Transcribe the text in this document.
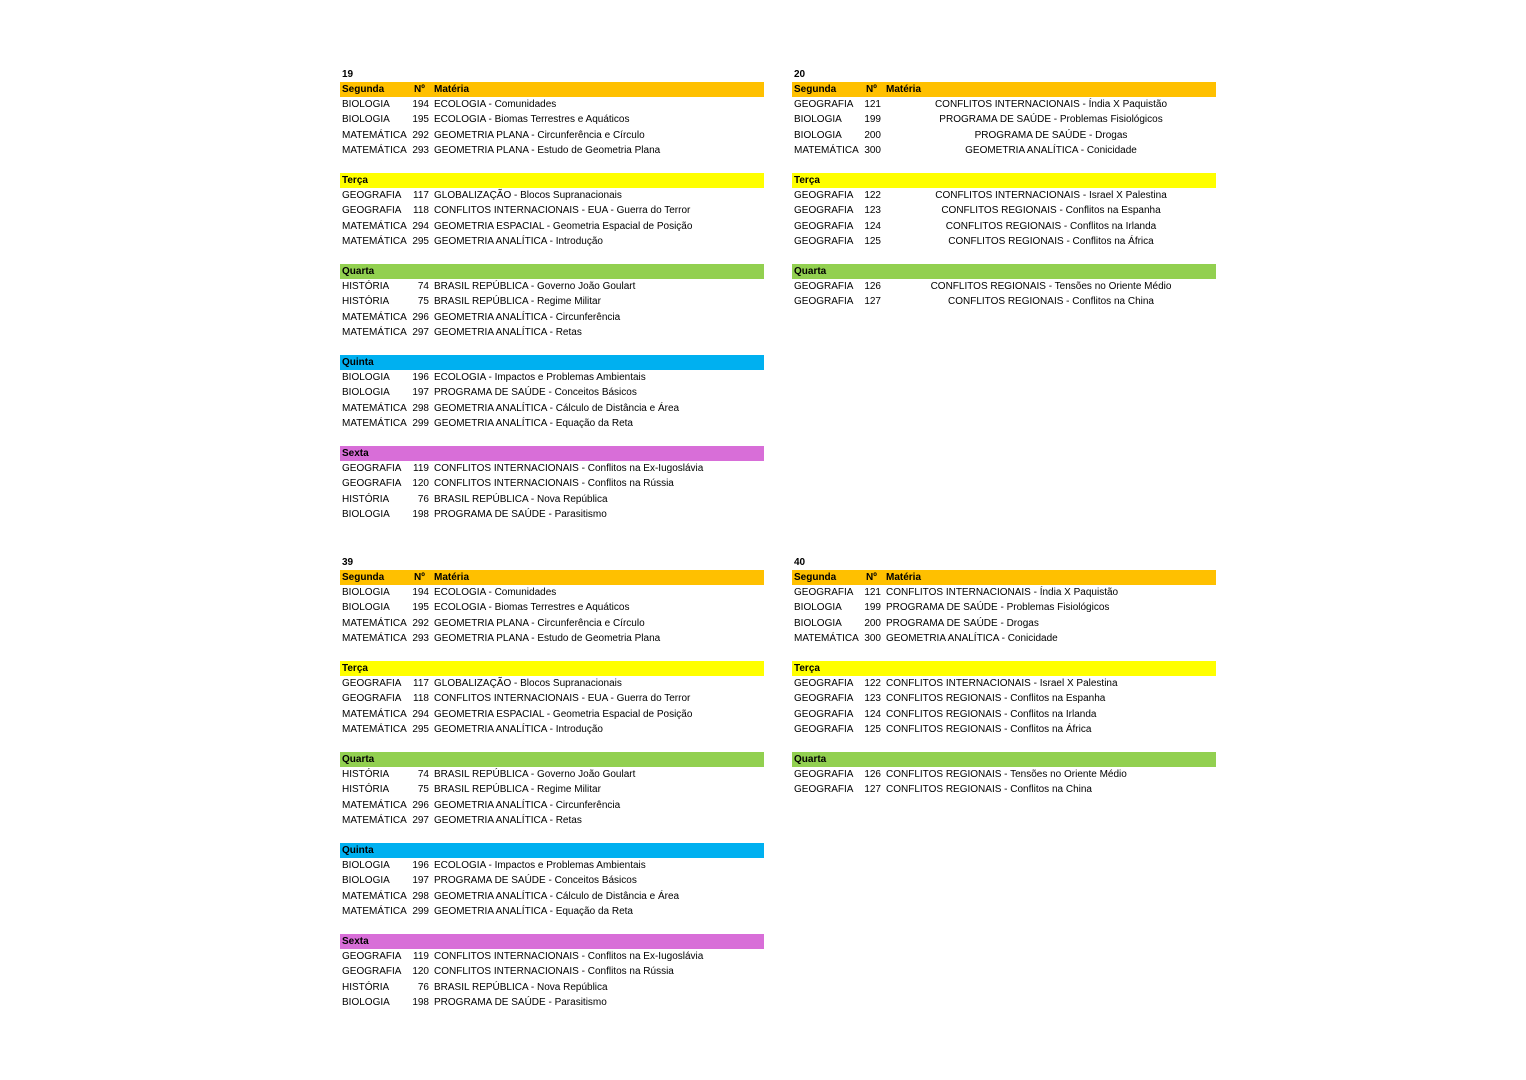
19
Segunda	Nº Matéria
BIOLOGIA 194 ECOLOGIA - Comunidades
BIOLOGIA 195 ECOLOGIA - Biomas Terrestres e Aquáticos
MATEMÁTICA 292 GEOMETRIA PLANA - Circunferência e Círculo
MATEMÁTICA 293 GEOMETRIA PLANA - Estudo de Geometria Plana
Terça
GEOGRAFIA 117 GLOBALIZAÇÃO - Blocos Supranacionais
GEOGRAFIA 118 CONFLITOS INTERNACIONAIS - EUA - Guerra do Terror
MATEMÁTICA 294 GEOMETRIA ESPACIAL - Geometria Espacial de Posição
MATEMÁTICA 295 GEOMETRIA ANALÍTICA - Introdução
Quarta
HISTÓRIA	74 BRASIL REPÚBLICA - Governo João Goulart
HISTÓRIA	75 BRASIL REPÚBLICA - Regime Militar
MATEMÁTICA 296 GEOMETRIA ANALÍTICA - Circunferência
MATEMÁTICA 297 GEOMETRIA ANALÍTICA - Retas
Quinta
BIOLOGIA 196 ECOLOGIA - Impactos e Problemas Ambientais
BIOLOGIA 197 PROGRAMA DE SAÚDE - Conceitos Básicos
MATEMÁTICA 298 GEOMETRIA ANALÍTICA - Cálculo de Distância e Área
MATEMÁTICA 299 GEOMETRIA ANALÍTICA - Equação da Reta
Sexta
GEOGRAFIA 119 CONFLITOS INTERNACIONAIS - Conflitos na Ex-Iugoslávia
GEOGRAFIA 120 CONFLITOS INTERNACIONAIS - Conflitos na Rússia
HISTÓRIA	76 BRASIL REPÚBLICA - Nova República
BIOLOGIA 198 PROGRAMA DE SAÚDE - Parasitismo
20
Segunda	Nº Matéria
GEOGRAFIA 121	CONFLITOS INTERNACIONAIS - Índia X Paquistão
BIOLOGIA 199	PROGRAMA DE SAÚDE - Problemas Fisiológicos
BIOLOGIA 200	PROGRAMA DE SAÚDE - Drogas
MATEMÁTICA 300	GEOMETRIA ANALÍTICA - Conicidade
Terça
GEOGRAFIA 122	CONFLITOS INTERNACIONAIS - Israel X Palestina
GEOGRAFIA 123	CONFLITOS REGIONAIS - Conflitos na Espanha
GEOGRAFIA 124	CONFLITOS REGIONAIS - Conflitos na Irlanda
GEOGRAFIA 125	CONFLITOS REGIONAIS - Conflitos na África
Quarta
GEOGRAFIA 126	CONFLITOS REGIONAIS - Tensões no Oriente Médio
GEOGRAFIA 127	CONFLITOS REGIONAIS - Conflitos na China
39
Segunda	Nº Matéria
BIOLOGIA 194 ECOLOGIA - Comunidades
BIOLOGIA 195 ECOLOGIA - Biomas Terrestres e Aquáticos
MATEMÁTICA 292 GEOMETRIA PLANA - Circunferência e Círculo
MATEMÁTICA 293 GEOMETRIA PLANA - Estudo de Geometria Plana
Terça
GEOGRAFIA 117 GLOBALIZAÇÃO - Blocos Supranacionais
GEOGRAFIA 118 CONFLITOS INTERNACIONAIS - EUA - Guerra do Terror
MATEMÁTICA 294 GEOMETRIA ESPACIAL - Geometria Espacial de Posição
MATEMÁTICA 295 GEOMETRIA ANALÍTICA - Introdução
Quarta
HISTÓRIA	74 BRASIL REPÚBLICA - Governo João Goulart
HISTÓRIA	75 BRASIL REPÚBLICA - Regime Militar
MATEMÁTICA 296 GEOMETRIA ANALÍTICA - Circunferência
MATEMÁTICA 297 GEOMETRIA ANALÍTICA - Retas
Quinta
BIOLOGIA 196 ECOLOGIA - Impactos e Problemas Ambientais
BIOLOGIA 197 PROGRAMA DE SAÚDE - Conceitos Básicos
MATEMÁTICA 298 GEOMETRIA ANALÍTICA - Cálculo de Distância e Área
MATEMÁTICA 299 GEOMETRIA ANALÍTICA - Equação da Reta
Sexta
GEOGRAFIA 119 CONFLITOS INTERNACIONAIS - Conflitos na Ex-Iugoslávia
GEOGRAFIA 120 CONFLITOS INTERNACIONAIS - Conflitos na Rússia
HISTÓRIA	76 BRASIL REPÚBLICA - Nova República
BIOLOGIA 198 PROGRAMA DE SAÚDE - Parasitismo
40
Segunda	Nº Matéria
GEOGRAFIA 121 CONFLITOS INTERNACIONAIS - Índia X Paquistão
BIOLOGIA 199 PROGRAMA DE SAÚDE - Problemas Fisiológicos
BIOLOGIA 200 PROGRAMA DE SAÚDE - Drogas
MATEMÁTICA 300 GEOMETRIA ANALÍTICA - Conicidade
Terça
GEOGRAFIA 122 CONFLITOS INTERNACIONAIS - Israel X Palestina
GEOGRAFIA 123 CONFLITOS REGIONAIS - Conflitos na Espanha
GEOGRAFIA 124 CONFLITOS REGIONAIS - Conflitos na Irlanda
GEOGRAFIA 125 CONFLITOS REGIONAIS - Conflitos na África
Quarta
GEOGRAFIA 126 CONFLITOS REGIONAIS - Tensões no Oriente Médio
GEOGRAFIA 127 CONFLITOS REGIONAIS - Conflitos na China
